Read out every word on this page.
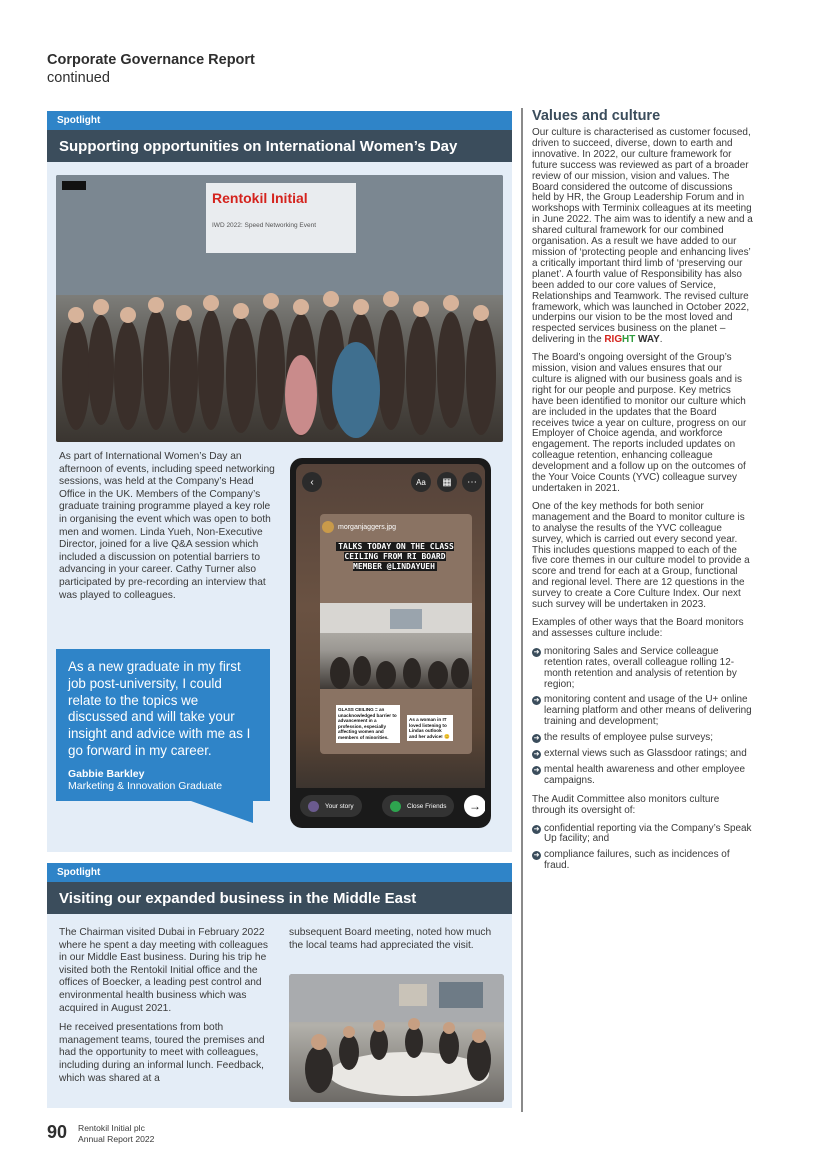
Corporate Governance Report
continued
Spotlight
Supporting opportunities on International Women’s Day
Rentokil Initial
IWD 2022: Speed Networking Event
As part of International Women’s Day an afternoon of events, including speed networking sessions, was held at the Company’s Head Office in the UK. Members of the Company’s graduate training programme played a key role in organising the event which was open to both men and women. Linda Yueh, Non-Executive Director, joined for a live Q&A session which included a discussion on potential barriers to advancing in your career. Cathy Turner also participated by pre-recording an interview that was played to colleagues.
As a new graduate in my first job post-university, I could relate to the topics we discussed and will take your insight and advice with me as I go forward in my career.
Gabbie Barkley
Marketing & Innovation Graduate
‹	Aa	▦	⋯
morganjaggers.jpg
TALKS TODAY ON THE CLASS CEILING FROM RI BOARD MEMBER @LINDAYUEH
GLASS CEILING = an unacknowledged barrier to advancement in a profession, especially affecting women and members of minorities.
As a woman in IT loved listening to Lindas outlook and her advice! 😊
Your story	Close Friends	→
Spotlight
Visiting our expanded business in the Middle East
The Chairman visited Dubai in February 2022 where he spent a day meeting with colleagues in our Middle East business. During his trip he visited both the Rentokil Initial office and the offices of Boecker, a leading pest control and environmental health business which was acquired in August 2021.
He received presentations from both management teams, toured the premises and had the opportunity to meet with colleagues, including during an informal lunch. Feedback, which was shared at a
subsequent Board meeting, noted how much the local teams had appreciated the visit.
Values and culture
Our culture is characterised as customer focused, driven to succeed, diverse, down to earth and innovative. In 2022, our culture framework for future success was reviewed as part of a broader review of our mission, vision and values. The Board considered the outcome of discussions held by HR, the Group Leadership Forum and in workshops with Terminix colleagues at its meeting in June 2022. The aim was to identify a new and a shared cultural framework for our combined organisation. As a result we have added to our mission of ‘protecting people and enhancing lives’ a critically important third limb of ‘preserving our planet’. A fourth value of Responsibility has also been added to our core values of Service, Relationships and Teamwork. The revised culture framework, which was launched in October 2022, underpins our vision to be the most loved and respected services business on the planet – delivering in the RIGHT WAY.
The Board’s ongoing oversight of the Group’s mission, vision and values ensures that our culture is aligned with our business goals and is right for our people and purpose. Key metrics have been identified to monitor our culture which are included in the updates that the Board receives twice a year on culture, progress on our Employer of Choice agenda, and workforce engagement. The reports included updates on colleague retention, enhancing colleague development and a follow up on the outcomes of the Your Voice Counts (YVC) colleague survey undertaken in 2021.
One of the key methods for both senior management and the Board to monitor culture is to analyse the results of the YVC colleague survey, which is carried out every second year. This includes questions mapped to each of the five core themes in our culture model to provide a score and trend for each at a Group, functional and regional level. There are 12 questions in the survey to create a Core Culture Index. Our next such survey will be undertaken in 2023.
Examples of other ways that the Board monitors and assesses culture include:
➜ monitoring Sales and Service colleague retention rates, overall colleague rolling 12-month retention and analysis of retention by region;
➜ monitoring content and usage of the U+ online learning platform and other means of delivering training and development;
➜ the results of employee pulse surveys;
➜ external views such as Glassdoor ratings; and
➜ mental health awareness and other employee campaigns.
The Audit Committee also monitors culture through its oversight of:
➜ confidential reporting via the Company’s Speak Up facility; and
➜ compliance failures, such as incidences of fraud.
90 Rentokil Initial plc
Annual Report 2022
